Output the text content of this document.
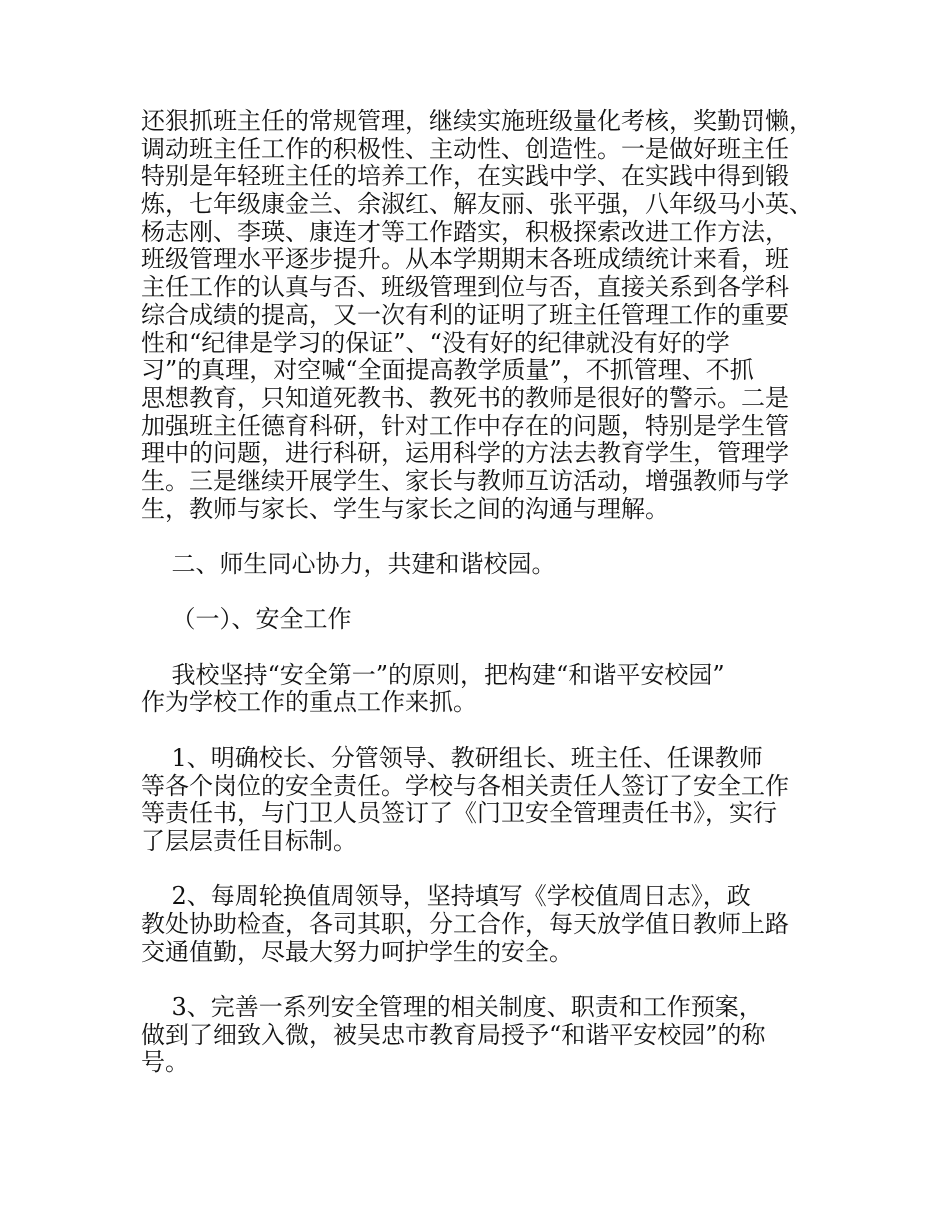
还狠抓班主任的常规管理，继续实施班级量化考核，奖勤罚懒，
调动班主任工作的积极性、主动性、创造性。一是做好班主任
特别是年轻班主任的培养工作，在实践中学、在实践中得到锻
炼，七年级康金兰、余淑红、解友丽、张平强，八年级马小英、
杨志刚、李瑛、康连才等工作踏实，积极探索改进工作方法，
班级管理水平逐步提升。从本学期期末各班成绩统计来看，班
主任工作的认真与否、班级管理到位与否，直接关系到各学科
综合成绩的提高，又一次有利的证明了班主任管理工作的重要
性和“纪律是学习的保证”、“没有好的纪律就没有好的学
习”的真理，对空喊“全面提高教学质量”，不抓管理、不抓
思想教育，只知道死教书、教死书的教师是很好的警示。二是
加强班主任德育科研，针对工作中存在的问题，特别是学生管
理中的问题，进行科研，运用科学的方法去教育学生，管理学
生。三是继续开展学生、家长与教师互访活动，增强教师与学
生，教师与家长、学生与家长之间的沟通与理解。
二、师生同心协力，共建和谐校园。
（一）、安全工作
我校坚持“安全第一”的原则，把构建“和谐平安校园”
作为学校工作的重点工作来抓。
1、明确校长、分管领导、教研组长、班主任、任课教师
等各个岗位的安全责任。学校与各相关责任人签订了安全工作
等责任书，与门卫人员签订了《门卫安全管理责任书》，实行
了层层责任目标制。
2、每周轮换值周领导，坚持填写《学校值周日志》，政
教处协助检查，各司其职，分工合作，每天放学值日教师上路
交通值勤，尽最大努力呵护学生的安全。
3、完善一系列安全管理的相关制度、职责和工作预案，
做到了细致入微，被吴忠市教育局授予“和谐平安校园”的称
号。
